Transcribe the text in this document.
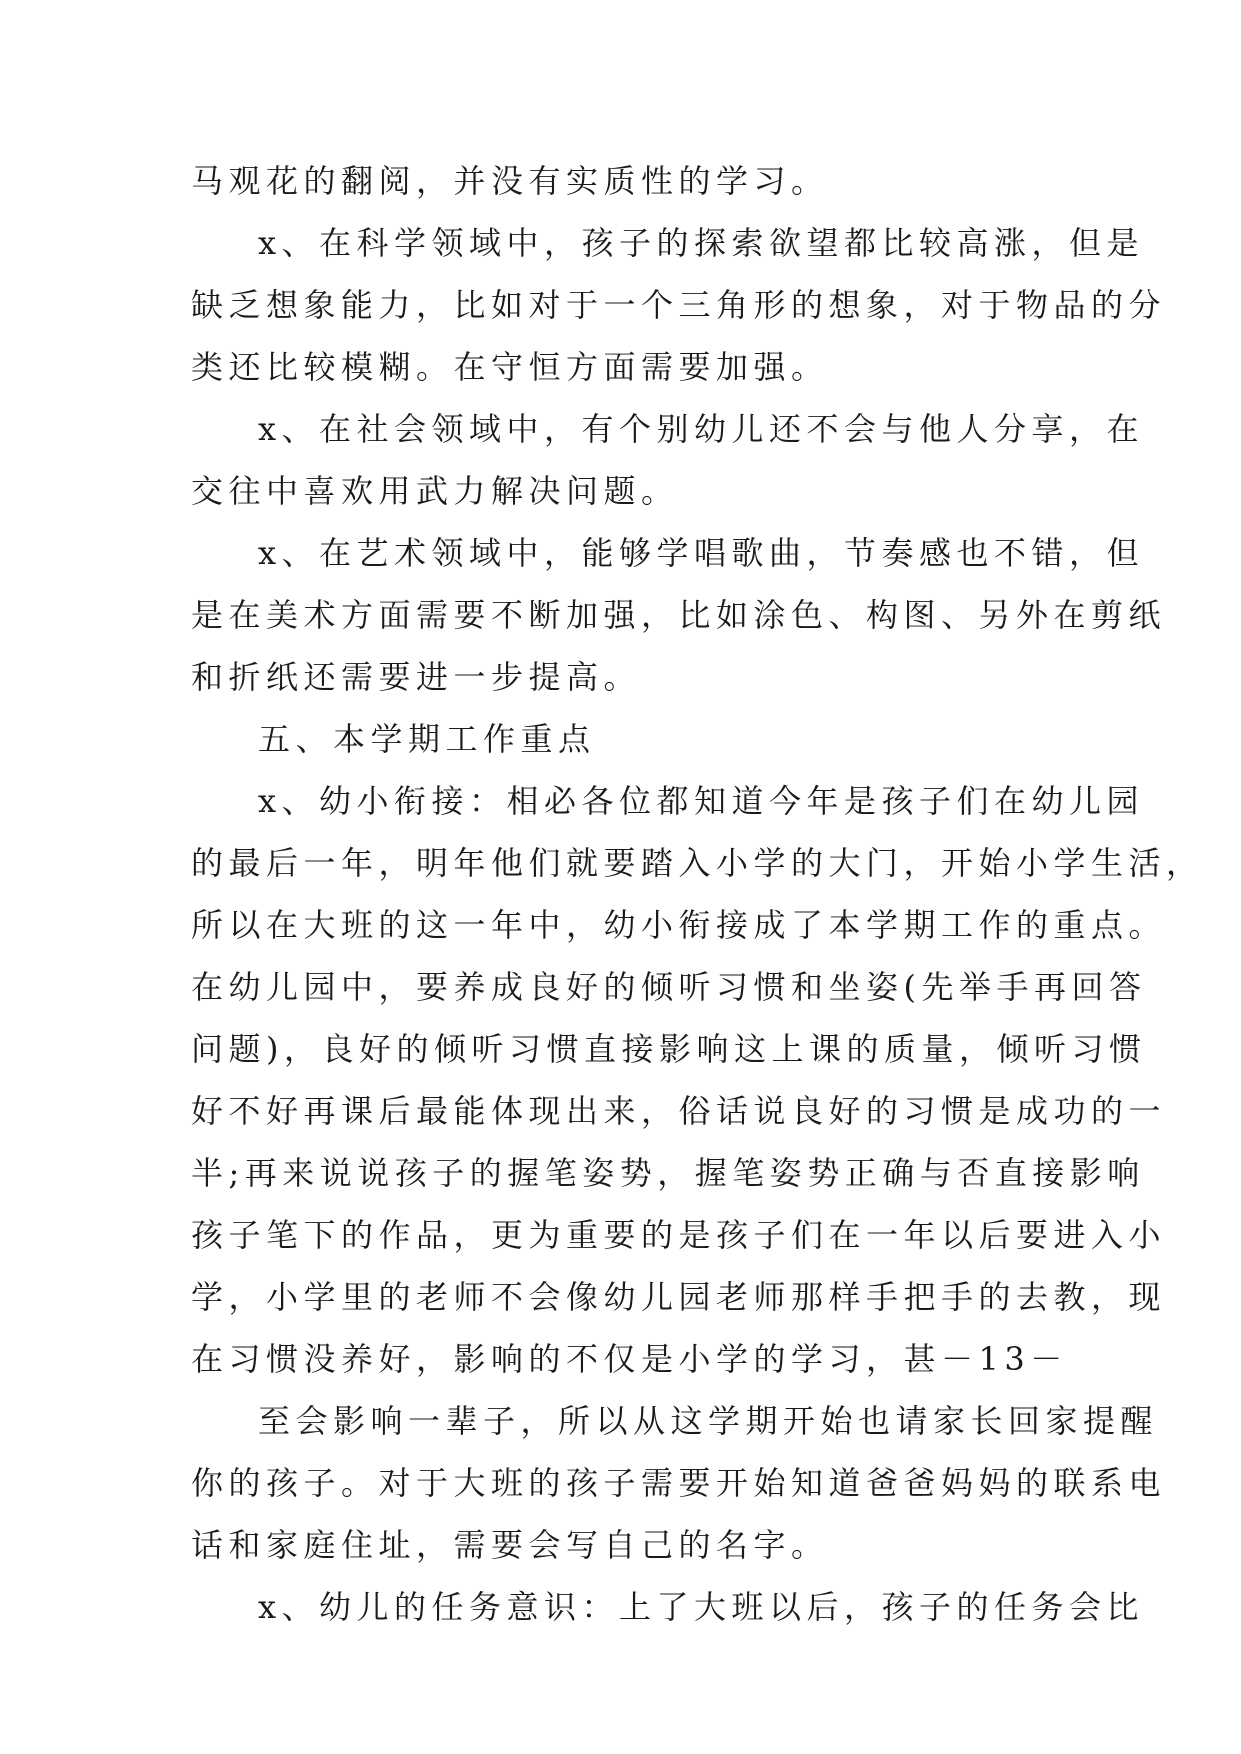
马观花的翻阅，并没有实质性的学习。
x、在科学领域中，孩子的探索欲望都比较高涨，但是
缺乏想象能力，比如对于一个三角形的想象，对于物品的分
类还比较模糊。在守恒方面需要加强。
x、在社会领域中，有个别幼儿还不会与他人分享，在
交往中喜欢用武力解决问题。
x、在艺术领域中，能够学唱歌曲，节奏感也不错，但
是在美术方面需要不断加强，比如涂色、构图、另外在剪纸
和折纸还需要进一步提高。
五、本学期工作重点
x、幼小衔接：相必各位都知道今年是孩子们在幼儿园
的最后一年，明年他们就要踏入小学的大门，开始小学生活，
所以在大班的这一年中，幼小衔接成了本学期工作的重点。
在幼儿园中，要养成良好的倾听习惯和坐姿(先举手再回答
问题)，良好的倾听习惯直接影响这上课的质量，倾听习惯
好不好再课后最能体现出来，俗话说良好的习惯是成功的一
半;再来说说孩子的握笔姿势，握笔姿势正确与否直接影响
孩子笔下的作品，更为重要的是孩子们在一年以后要进入小
学，小学里的老师不会像幼儿园老师那样手把手的去教，现
在习惯没养好，影响的不仅是小学的学习，甚－13－
至会影响一辈子，所以从这学期开始也请家长回家提醒
你的孩子。对于大班的孩子需要开始知道爸爸妈妈的联系电
话和家庭住址，需要会写自己的名字。
x、幼儿的任务意识：上了大班以后，孩子的任务会比
